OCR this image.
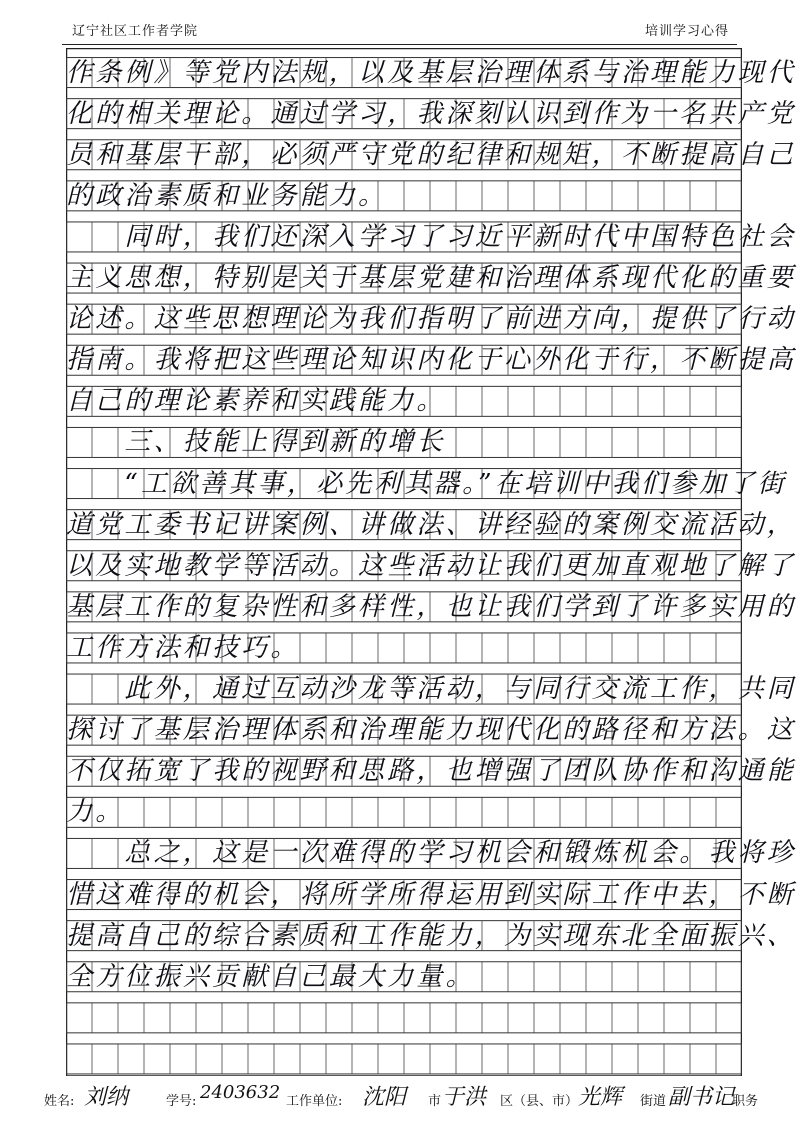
辽宁社区工作者学院	培训学习心得
作条例》等党内法规，以及基层治理体系与治理能力现代
化的相关理论。通过学习，我深刻认识到作为一名共产党
员和基层干部，必须严守党的纪律和规矩，不断提高自己
的政治素质和业务能力。
　　同时，我们还深入学习了习近平新时代中国特色社会
主义思想，特别是关于基层党建和治理体系现代化的重要
论述。这些思想理论为我们指明了前进方向，提供了行动
指南。我将把这些理论知识内化于心外化于行，不断提高
自己的理论素养和实践能力。
　　三、技能上得到新的增长
　　“工欲善其事，必先利其器。”在培训中我们参加了街
道党工委书记讲案例、讲做法、讲经验的案例交流活动，
以及实地教学等活动。这些活动让我们更加直观地了解了
基层工作的复杂性和多样性，也让我们学到了许多实用的
工作方法和技巧。
　　此外，通过互动沙龙等活动，与同行交流工作，共同
探讨了基层治理体系和治理能力现代化的路径和方法。这
不仅拓宽了我的视野和思路，也增强了团队协作和沟通能
力。
　　总之，这是一次难得的学习机会和锻炼机会。我将珍
惜这难得的机会，将所学所得运用到实际工作中去，不断
提高自己的综合素质和工作能力，为实现东北全面振兴、
全方位振兴贡献自己最大力量。
姓名: 刘纳	学号: 2403632 工作单位: 沈阳 市 于洪 区（县、市） 光辉 街道 副书记
职务
